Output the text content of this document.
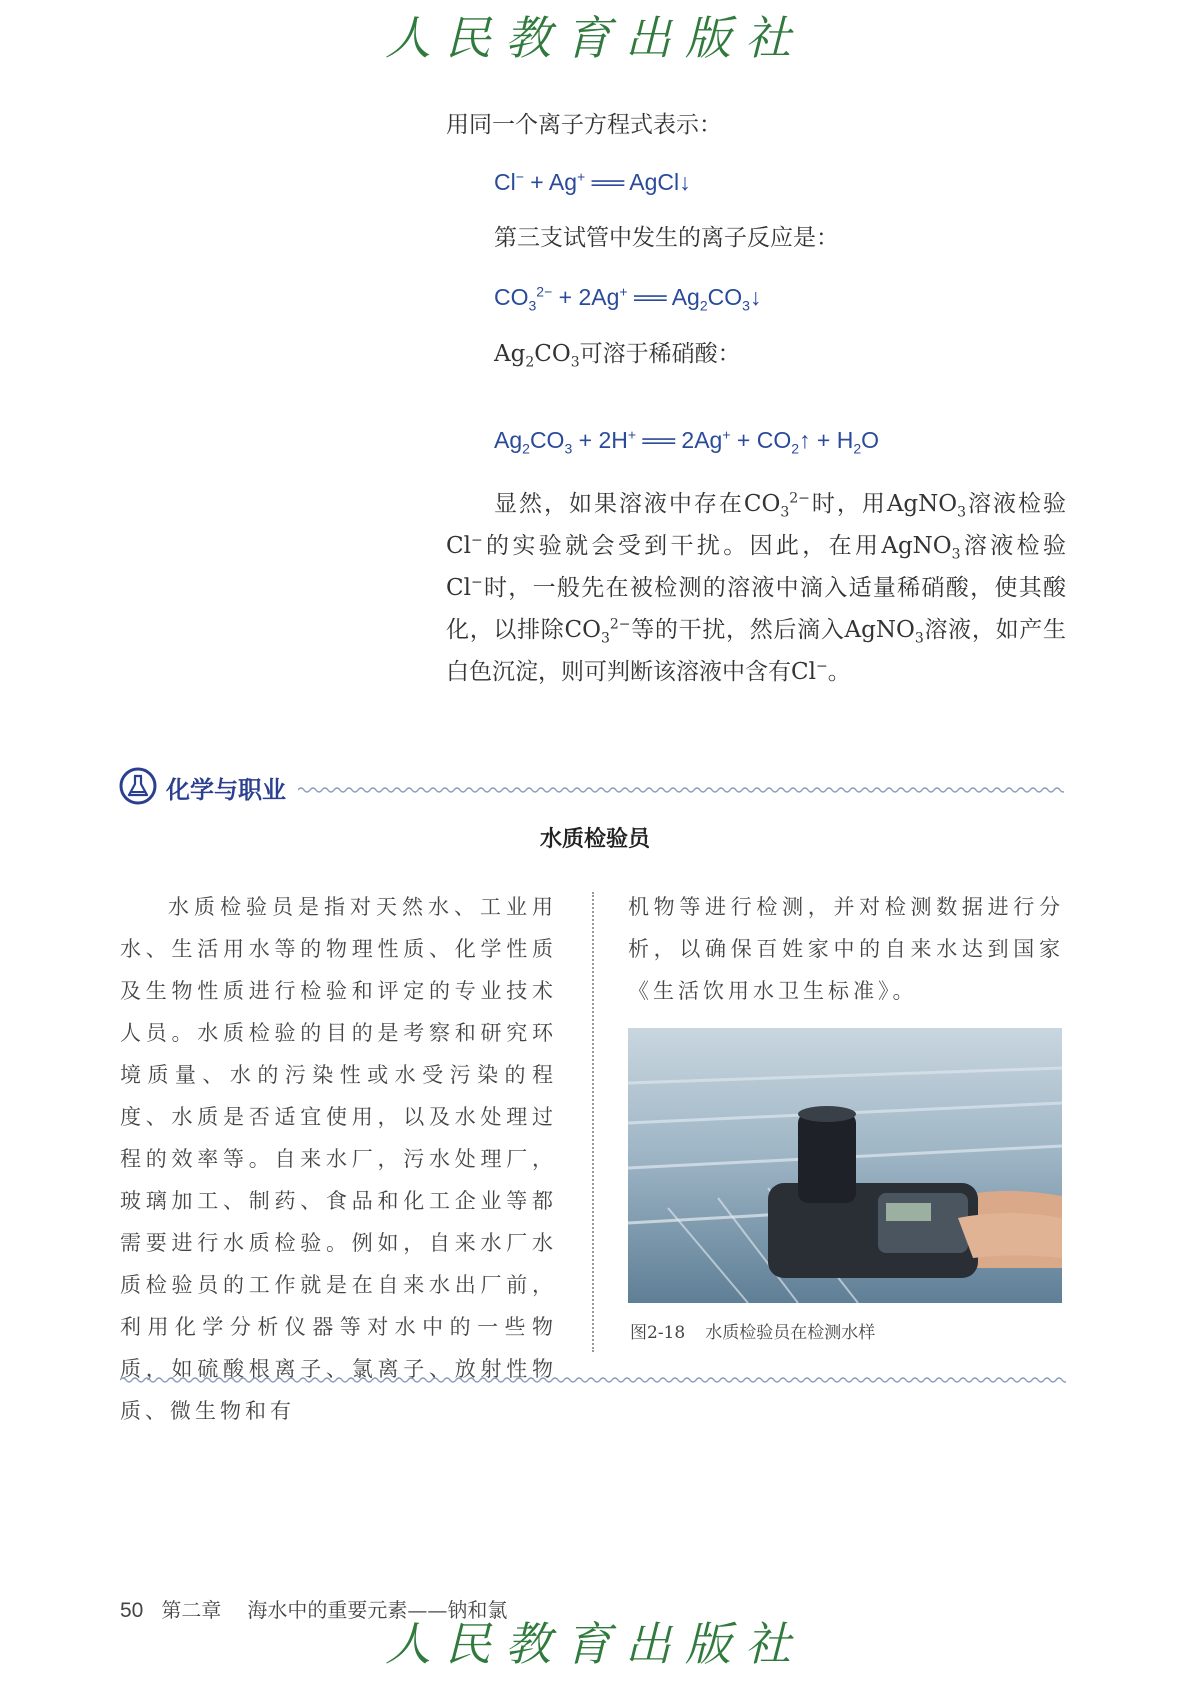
人民教育出版社
用同一个离子方程式表示：
Cl− + Ag+ ══ AgCl↓
第三支试管中发生的离子反应是：
$CO_3^{2-} + 2Ag^+$ ══ $Ag_2CO_3↓$
$Ag_2CO_3$可溶于稀硝酸：
$Ag_2CO_3 + 2H^+$ ══ $2Ag^+ + CO_2↑ + H_2O$
显然，如果溶液中存在$CO_3^{2-}$时，用AgNO$_3$溶液检验Cl−的实验就会受到干扰。因此，在用AgNO$_3$溶液检验Cl−时，一般先在被检测的溶液中滴入适量稀硝酸，使其酸化，以排除$CO_3^{2-}$等的干扰，然后滴入AgNO$_3$溶液，如产生白色沉淀，则可判断该溶液中含有Cl−。
化学与职业
水质检验员
水质检验员是指对天然水、工业用水、生活用水等的物理性质、化学性质及生物性质进行检验和评定的专业技术人员。水质检验的目的是考察和研究环境质量、水的污染性或水受污染的程度、水质是否适宜使用，以及水处理过程的效率等。自来水厂，污水处理厂，玻璃加工、制药、食品和化工企业等都需要进行水质检验。例如，自来水厂水质检验员的工作就是在自来水出厂前，利用化学分析仪器等对水中的一些物质，如硫酸根离子、氯离子、放射性物质、微生物和有
机物等进行检测，并对检测数据进行分析，以确保百姓家中的自来水达到国家《生活饮用水卫生标准》。
图2-18 水质检验员在检测水样
50 第二章 海水中的重要元素——钠和氯
人民教育出版社
